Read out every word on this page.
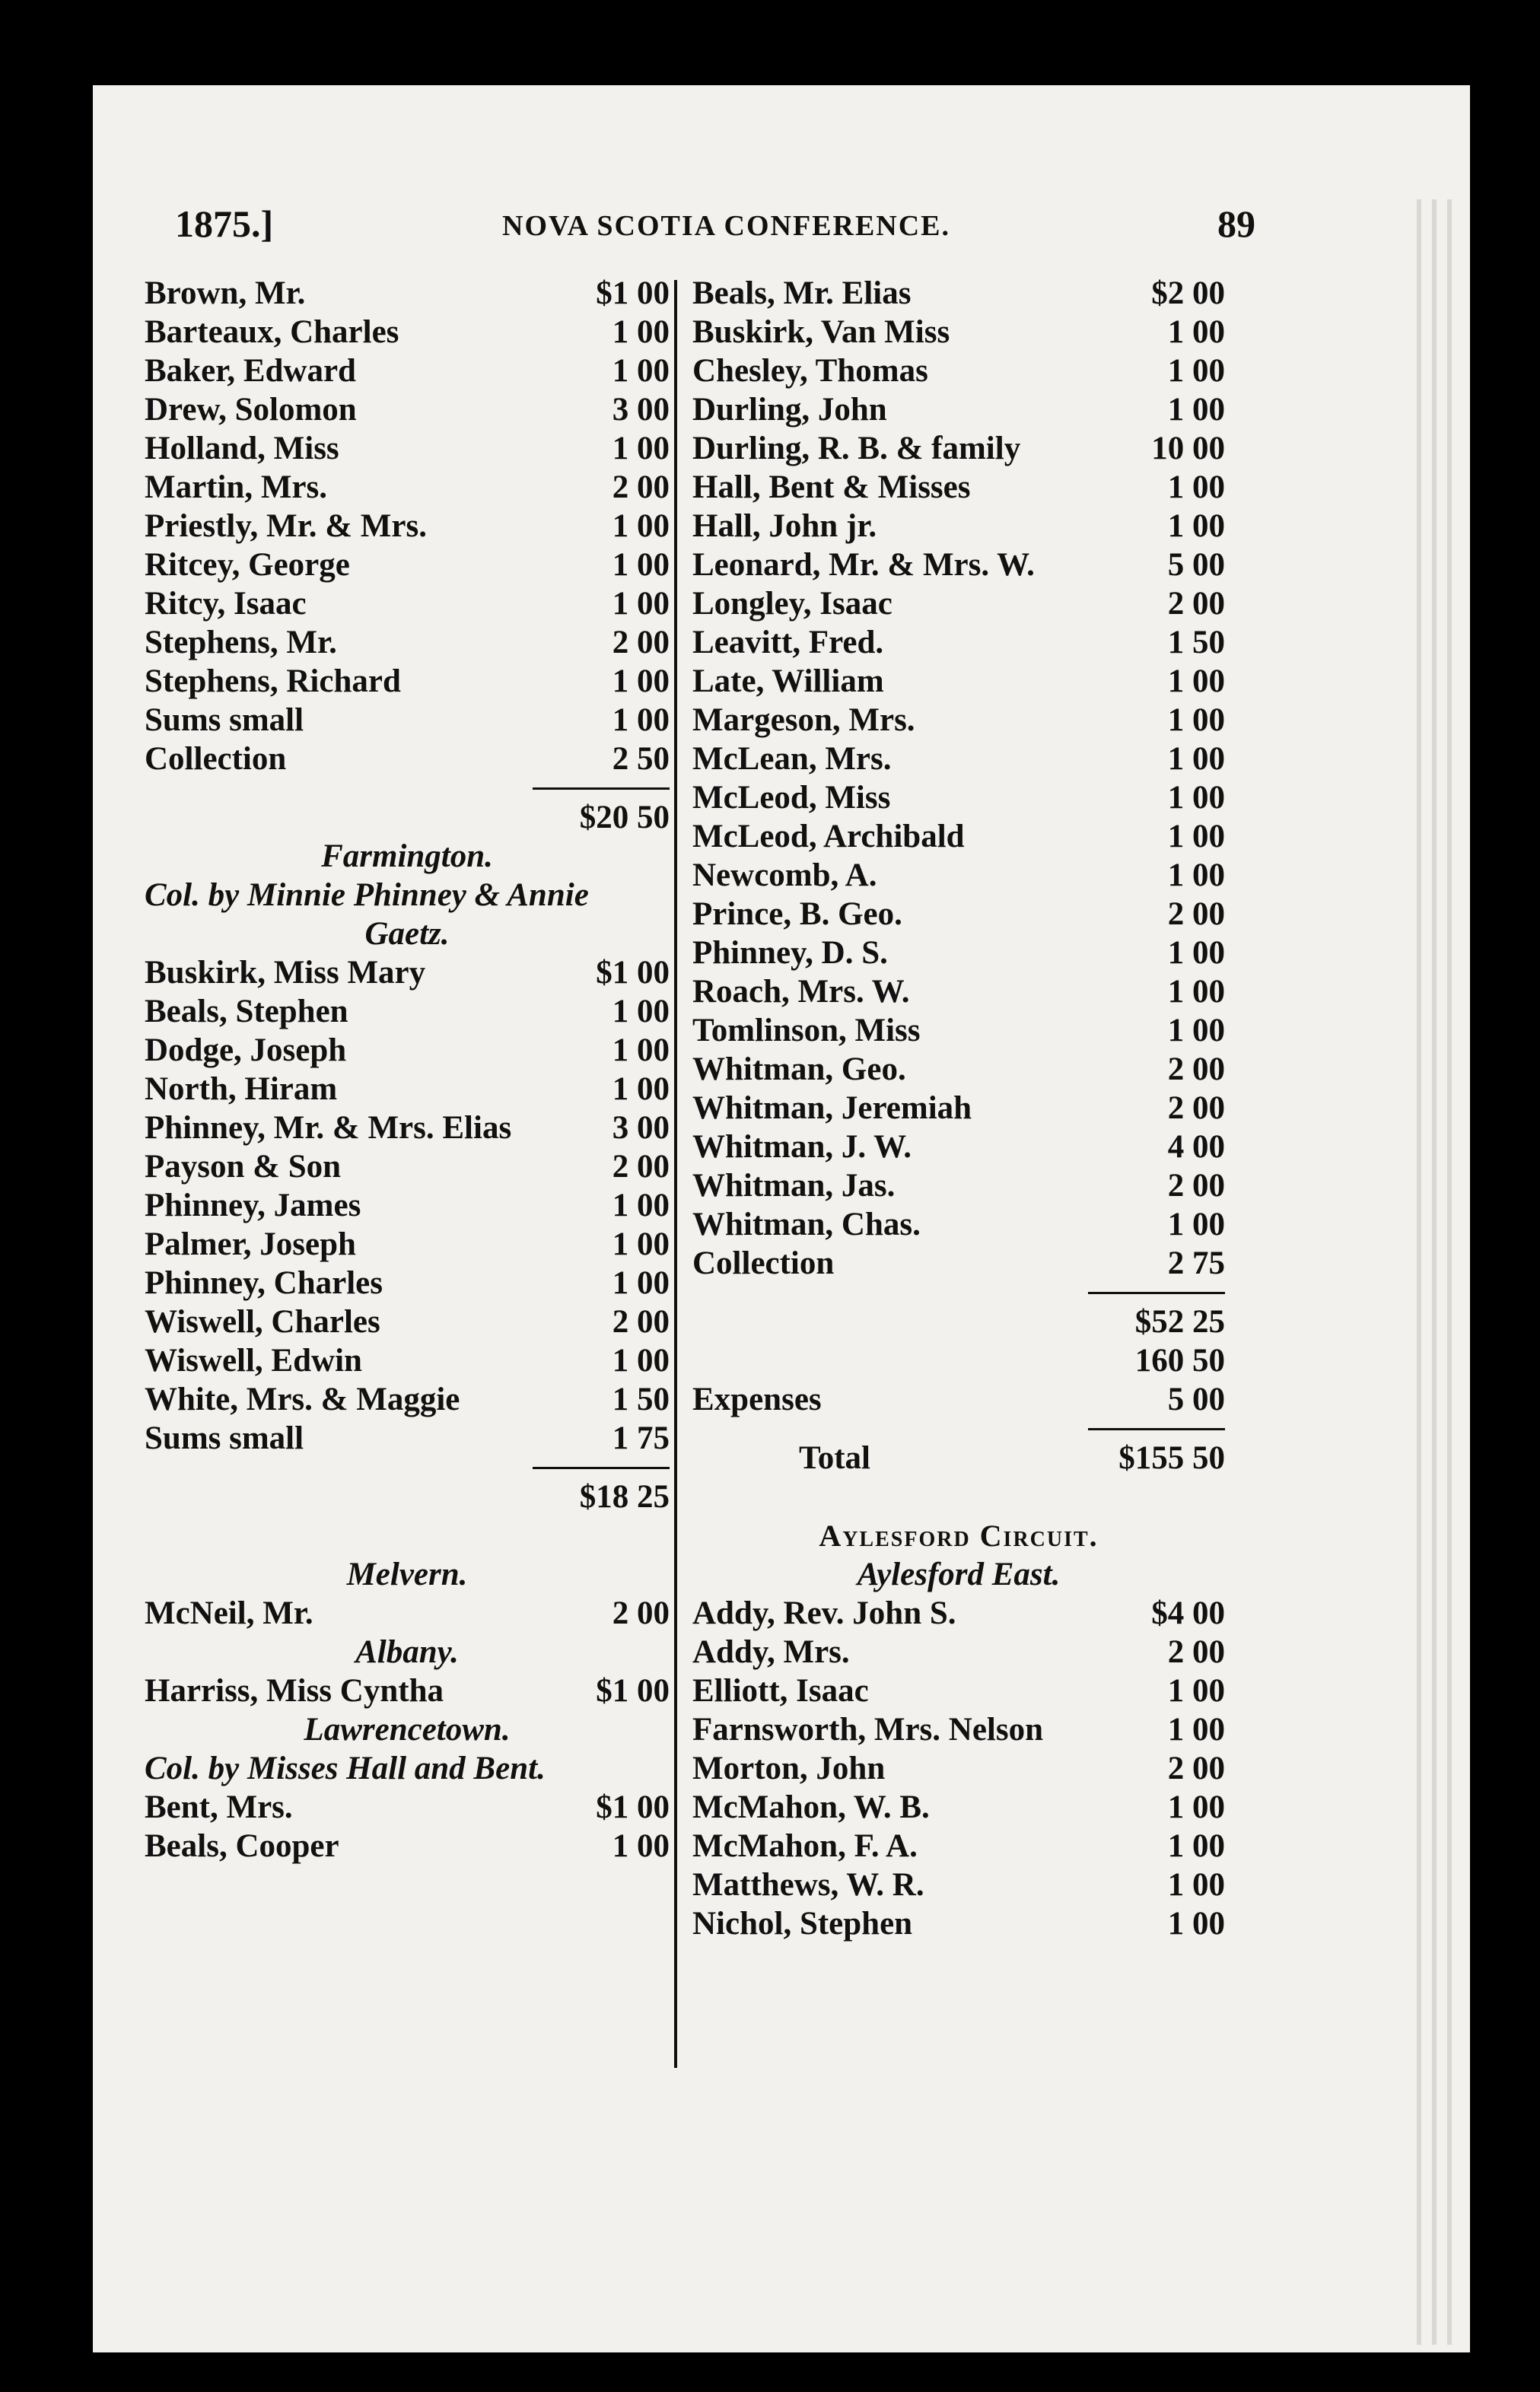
1875.]	NOVA SCOTIA CONFERENCE.	89
Brown, Mr.	$1 00
Barteaux, Charles	1 00
Baker, Edward	1 00
Drew, Solomon	3 00
Holland, Miss	1 00
Martin, Mrs.	2 00
Priestly, Mr. & Mrs.	1 00
Ritcey, George	1 00
Ritcy, Isaac	1 00
Stephens, Mr.	2 00
Stephens, Richard	1 00
Sums small	1 00
Collection	2 50
$20 50
Farmington.
Col. by Minnie Phinney & Annie
Gaetz.
Buskirk, Miss Mary	$1 00
Beals, Stephen	1 00
Dodge, Joseph	1 00
North, Hiram	1 00
Phinney, Mr. & Mrs. Elias	3 00
Payson & Son	2 00
Phinney, James	1 00
Palmer, Joseph	1 00
Phinney, Charles	1 00
Wiswell, Charles	2 00
Wiswell, Edwin	1 00
White, Mrs. & Maggie	1 50
Sums small	1 75
$18 25
Melvern.
McNeil, Mr.	2 00
Albany.
Harriss, Miss Cyntha	$1 00
Lawrencetown.
Col. by Misses Hall and Bent.
Bent, Mrs.	$1 00
Beals, Cooper	1 00
Beals, Mr. Elias	$2 00
Buskirk, Van Miss	1 00
Chesley, Thomas	1 00
Durling, John	1 00
Durling, R. B. & family	10 00
Hall, Bent & Misses	1 00
Hall, John jr.	1 00
Leonard, Mr. & Mrs. W.	5 00
Longley, Isaac	2 00
Leavitt, Fred.	1 50
Late, William	1 00
Margeson, Mrs.	1 00
McLean, Mrs.	1 00
McLeod, Miss	1 00
McLeod, Archibald	1 00
Newcomb, A.	1 00
Prince, B. Geo.	2 00
Phinney, D. S.	1 00
Roach, Mrs. W.	1 00
Tomlinson, Miss	1 00
Whitman, Geo.	2 00
Whitman, Jeremiah	2 00
Whitman, J. W.	4 00
Whitman, Jas.	2 00
Whitman, Chas.	1 00
Collection	2 75
$52 25
160 50
Expenses	5 00
Total	$155 50
Aylesford Circuit.
Aylesford East.
Addy, Rev. John S.	$4 00
Addy, Mrs.	2 00
Elliott, Isaac	1 00
Farnsworth, Mrs. Nelson	1 00
Morton, John	2 00
McMahon, W. B.	1 00
McMahon, F. A.	1 00
Matthews, W. R.	1 00
Nichol, Stephen	1 00
